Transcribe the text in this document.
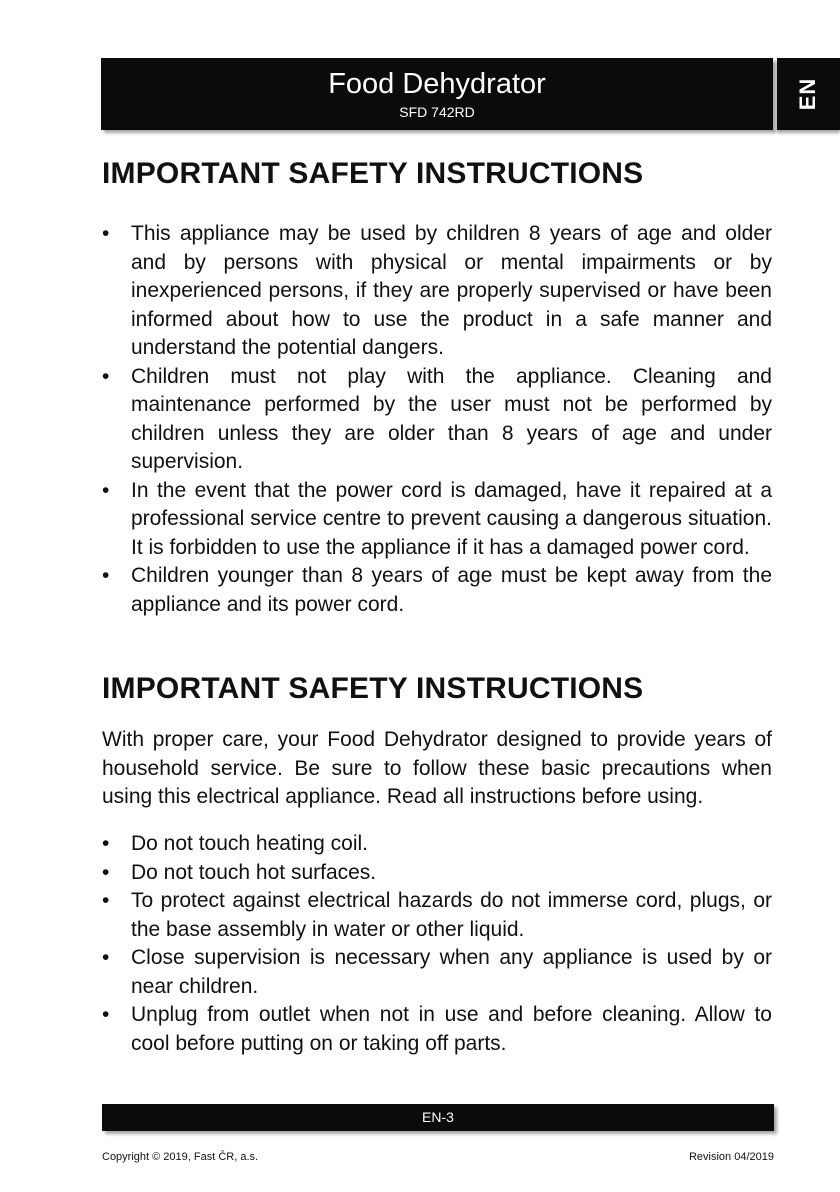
Food Dehydrator
SFD 742RD
EN
IMPORTANT SAFETY INSTRUCTIONS
• This appliance may be used by children 8 years of age and older and by persons with physical or mental impairments or by inexperienced persons, if they are properly supervised or have been informed about how to use the product in a safe manner and understand the potential dangers.
• Children must not play with the appliance. Cleaning and maintenance performed by the user must not be performed by children unless they are older than 8 years of age and under supervision.
• In the event that the power cord is damaged, have it repaired at a professional service centre to prevent causing a dangerous situation. It is forbidden to use the appliance if it has a damaged power cord.
• Children younger than 8 years of age must be kept away from the appliance and its power cord.
IMPORTANT SAFETY INSTRUCTIONS

With proper care, your Food Dehydrator designed to provide years of household service. Be sure to follow these basic precautions when using this electrical appliance. Read all instructions before using.

• Do not touch heating coil.
• Do not touch hot surfaces.
• To protect against electrical hazards do not immerse cord, plugs, or the base assembly in water or other liquid.
• Close supervision is necessary when any appliance is used by or near children.
• Unplug from outlet when not in use and before cleaning. Allow to cool before putting on or taking off parts.
EN-3
Copyright © 2019, Fast ČR, a.s.	Revision 04/2019
